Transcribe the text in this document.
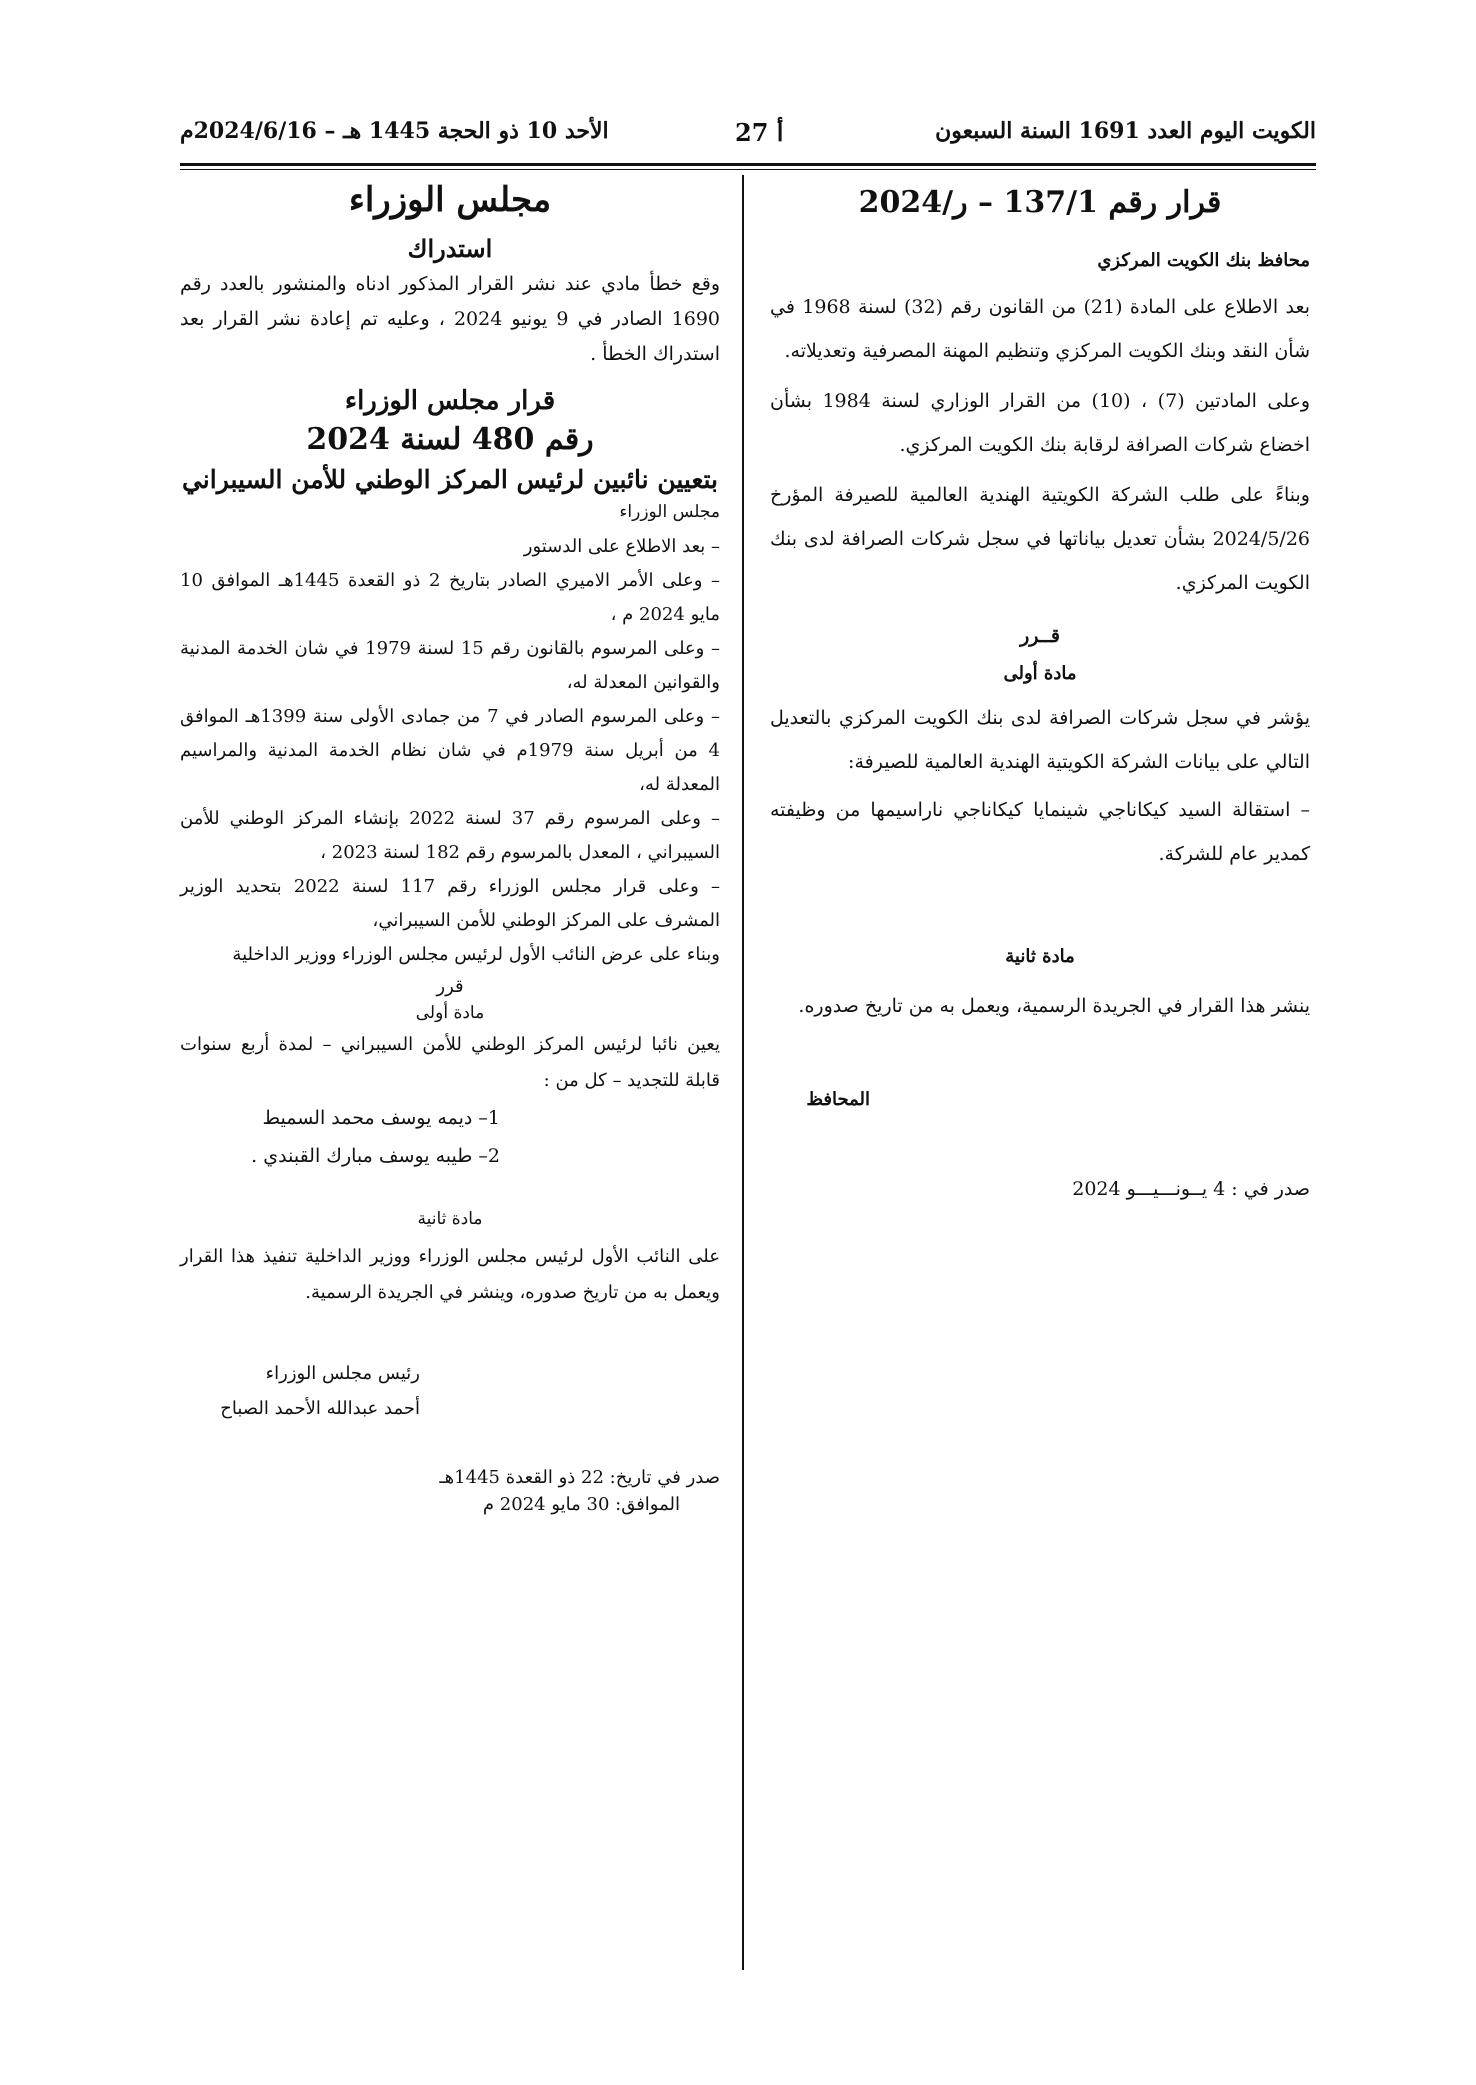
الكويت اليوم العدد 1691 السنة السبعون
أ 27
الأحد 10 ذو الحجة 1445 هـ – 2024/6/16م

قرار رقم 137/1 – ر/2024

محافظ بنك الكويت المركزي

بعد الاطلاع على المادة (21) من القانون رقم (32) لسنة 1968 في شأن النقد وبنك الكويت المركزي وتنظيم المهنة المصرفية وتعديلاته.

وعلى المادتين (7) ، (10) من القرار الوزاري لسنة 1984 بشأن اخضاع شركات الصرافة لرقابة بنك الكويت المركزي.

وبناءً على طلب الشركة الكويتية الهندية العالمية للصيرفة المؤرخ 2024/5/26 بشأن تعديل بياناتها في سجل شركات الصرافة لدى بنك الكويت المركزي.

قــرر

مادة أولى

يؤشر في سجل شركات الصرافة لدى بنك الكويت المركزي بالتعديل التالي على بيانات الشركة الكويتية الهندية العالمية للصيرفة:

– استقالة السيد كيكاناجي شينمايا كيكاناجي ناراسيمها من وظيفته كمدير عام للشركة.

مادة ثانية

ينشر هذا القرار في الجريدة الرسمية، ويعمل به من تاريخ صدوره.

المحافظ

صدر في : 4 يــونـــيـــو 2024

مجلس الوزراء

استدراك

وقع خطأ مادي عند نشر القرار المذكور ادناه والمنشور بالعدد رقم 1690 الصادر في 9 يونيو 2024 ، وعليه تم إعادة نشر القرار بعد استدراك الخطأ .

قرار مجلس الوزراء

رقم 480 لسنة 2024

بتعيين نائبين لرئيس المركز الوطني للأمن السيبراني

مجلس الوزراء

– بعد الاطلاع على الدستور

– وعلى الأمر الاميري الصادر بتاريخ 2 ذو القعدة 1445هـ الموافق 10 مايو 2024 م ،

– وعلى المرسوم بالقانون رقم 15 لسنة 1979 في شان الخدمة المدنية والقوانين المعدلة له،

– وعلى المرسوم الصادر في 7 من جمادى الأولى سنة 1399هـ الموافق 4 من أبريل سنة 1979م في شان نظام الخدمة المدنية والمراسيم المعدلة له،

– وعلى المرسوم رقم 37 لسنة 2022 بإنشاء المركز الوطني للأمن السيبراني ، المعدل بالمرسوم رقم 182 لسنة 2023 ،

– وعلى قرار مجلس الوزراء رقم 117 لسنة 2022 بتحديد الوزير المشرف على المركز الوطني للأمن السيبراني،

وبناء على عرض النائب الأول لرئيس مجلس الوزراء ووزير الداخلية

قرر

مادة أولى

يعين نائبا لرئيس المركز الوطني للأمن السيبراني – لمدة أربع سنوات قابلة للتجديد – كل من :

1– ديمه يوسف محمد السميط

2– طيبه يوسف مبارك القبندي .

مادة ثانية

على النائب الأول لرئيس مجلس الوزراء ووزير الداخلية تنفيذ هذا القرار ويعمل به من تاريخ صدوره، وينشر في الجريدة الرسمية.

رئيس مجلس الوزراء

أحمد عبدالله الأحمد الصباح

صدر في تاريخ: 22 ذو القعدة 1445هـ

الموافق: 30 مايو 2024 م
